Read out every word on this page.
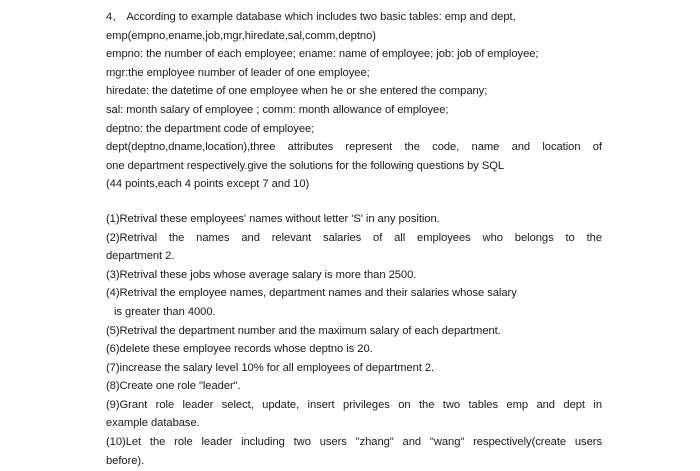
4、 According to example database which includes two basic tables: emp and dept,

emp(empno,ename,job,mgr,hiredate,sal,comm,deptno)

empno: the number of each employee; ename: name of employee; job: job of employee;

mgr:the employee number of leader of one employee;

hiredate: the datetime of one employee when he or she entered the company;

sal: month salary of employee ; comm: month allowance of employee;

deptno: the department code of employee;

dept(deptno,dname,location),three attributes represent the code, name and location of

one department respectively.give the solutions for the following questions by SQL

(44 points,each 4 points except 7 and 10)

(1)Retrival these employees' names without letter 'S' in any position.

(2)Retrival the names and relevant salaries of all employees who belongs to the

department 2.

(3)Retrival these jobs whose average salary is more than 2500.

(4)Retrival the employee names, department names and their salaries whose salary

is greater than 4000.

(5)Retrival the department number and the maximum salary of each department.

(6)delete these employee records whose deptno is 20.

(7)increase the salary level 10% for all employees of department 2.

(8)Create one role "leader".

(9)Grant role leader select, update, insert privileges on the two tables emp and dept in

example database.

(10)Let the role leader including two users "zhang" and "wang" respectively(create users

before).
